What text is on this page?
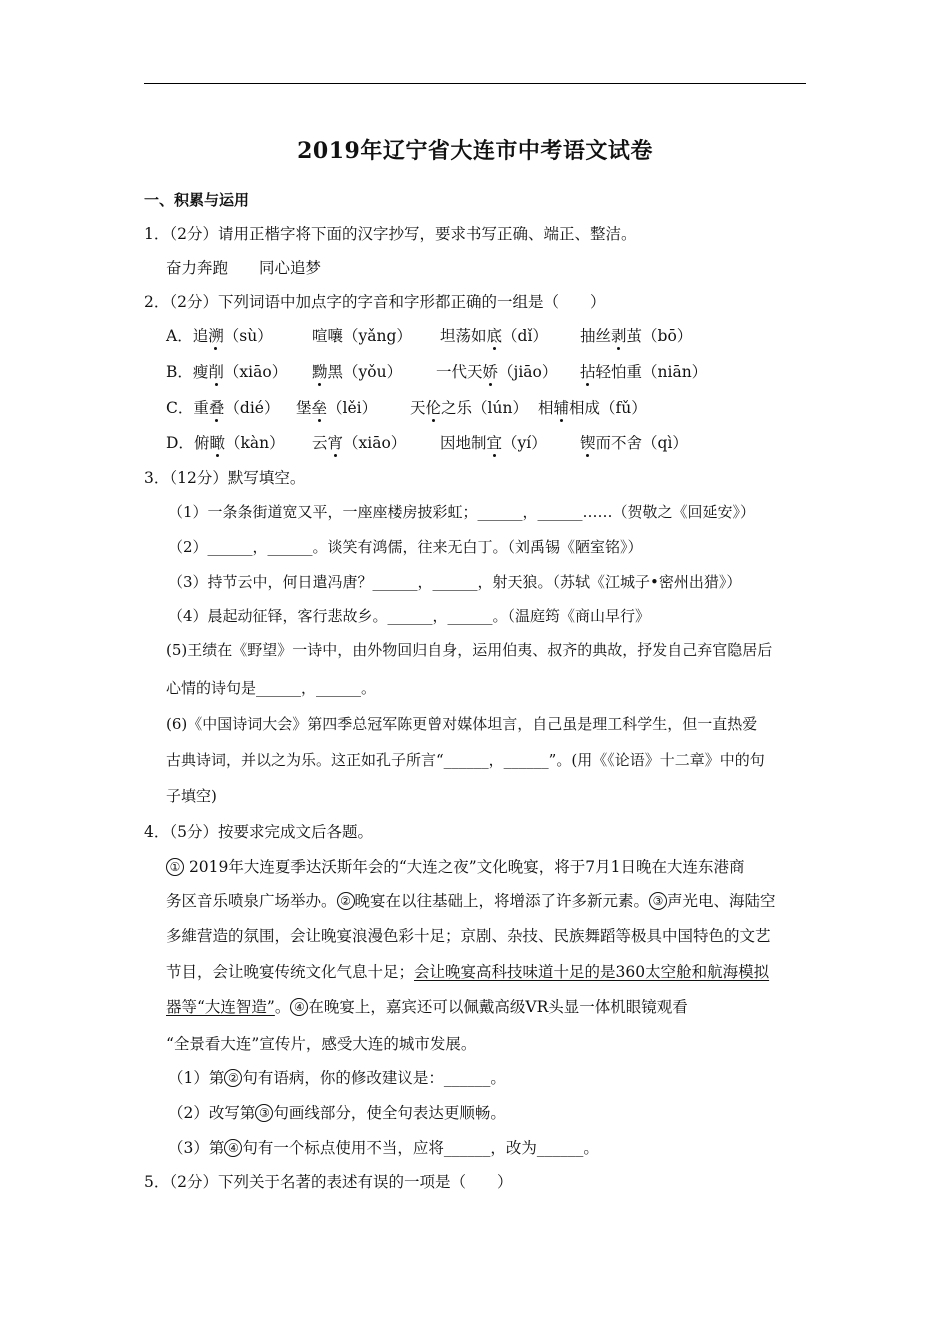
2019年辽宁省大连市中考语文试卷
一、积累与运用
1．（2分）请用正楷字将下面的汉字抄写，要求书写正确、端正、整洁。
奋力奔跑　　同心追梦
2．（2分）下列词语中加点字的字音和字形都正确的一组是（　　）
A．追溯（sù）	喧嚷（yǎng） 坦荡如底（dǐ） 抽丝剥茧（bō）
B．瘦削（xiāo） 黝黑（yǒu） 一代天娇（jiāo） 拈轻怕重（niān）
C．重叠（dié） 堡垒（lěi） 天伦之乐（lún） 相辅相成（fǔ）
D．俯瞰（kàn） 云宵（xiāo） 因地制宜（yí） 锲而不舍（qì）
3．（12分）默写填空。
（1）一条条街道宽又平，一座座楼房披彩虹；______，______……（贺敬之《回延安》）
（2）______，______。谈笑有鸿儒，往来无白丁。（刘禹锡《陋室铭》）
（3）持节云中，何日遣冯唐？______，______，射天狼。（苏轼《江城子•密州出猎》）
（4）晨起动征铎，客行悲故乡。______，______。（温庭筠《商山早行》
(5)王绩在《野望》一诗中，由外物回归自身，运用伯夷、叔齐的典故，抒发自己弃官隐居后
心情的诗句是______，______。
(6)《中国诗词大会》第四季总冠军陈更曾对媒体坦言，自己虽是理工科学生，但一直热爱
古典诗词，并以之为乐。这正如孔子所言“______，______”。(用《《论语》十二章》中的句
子填空)
4．（5分）按要求完成文后各题。
① 2019年大连夏季达沃斯年会的“大连之夜”文化晚宴，将于7月1日晚在大连东港商
务区音乐喷泉广场举办。 ② 晚宴在以往基础上，将增添了许多新元素。 ③ 声光电、海陆空
多維营造的氛围，会让晚宴浪漫色彩十足；京剧、杂技、民族舞蹈等极具中国特色的文艺
节目，会让晚宴传统文化气息十足；会让晚宴高科技味道十足的是360太空舱和航海模拟
器等“大连智造”。 ④ 在晚宴上，嘉宾还可以佩戴高级VR头显一体机眼镜观看
“全景看大连”宣传片，感受大连的城市发展。
（1）第 ② 句有语病，你的修改建议是：______。
（2）改写第 ③ 句画线部分，使全句表达更顺畅。
（3）第 ④ 句有一个标点使用不当，应将______，改为______。
5．（2分）下列关于名著的表述有误的一项是（　　）
